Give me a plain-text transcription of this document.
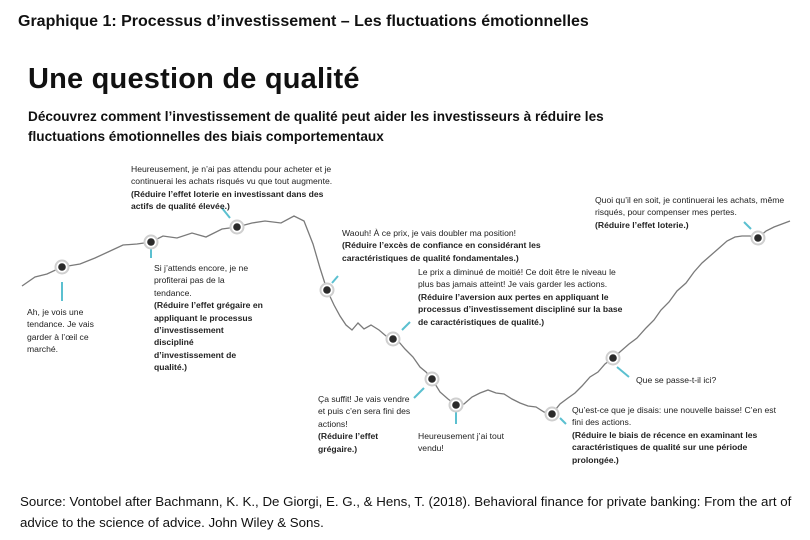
Graphique 1: Processus d’investissement – Les fluctuations émotionnelles
Une question de qualité
Découvrez comment l’investissement de qualité peut aider les investisseurs à réduire les fluctuations émotionnelles des biais comportementaux
Ah, je vois une tendance. Je vais garder à l’œil ce marché.
Si j’attends encore, je ne profiterai pas de la tendance.
(Réduire l’effet grégaire en appliquant le processus d’investissement discipliné d’investissement de qualité.)
Heureusement, je n’ai pas attendu pour acheter et je continuerai les achats risqués vu que tout augmente.
(Réduire l’effet loterie en investissant dans des actifs de qualité élevée.)
Waouh! À ce prix, je vais doubler ma position!
(Réduire l’excès de confiance en considérant les caractéristiques de qualité fondamentales.)
Le prix a diminué de moitié! Ce doit être le niveau le plus bas jamais atteint! Je vais garder les actions.
(Réduire l’aversion aux pertes en appliquant le processus d’investissement discipliné sur la base de caractéristiques de qualité.)
Ça suffit! Je vais vendre et puis c’en sera fini des actions!
(Réduire l’effet grégaire.)
Heureusement j’ai tout vendu!
Qu’est-ce que je disais: une nouvelle baisse! C’en est fini des actions.
(Réduire le biais de récence en examinant les caractéristiques de qualité sur une période prolongée.)
Que se passe-t-il ici?
Quoi qu’il en soit, je continuerai les achats, même risqués, pour compenser mes pertes.
(Réduire l’effet loterie.)
Source: Vontobel after Bachmann, K. K., De Giorgi, E. G., & Hens, T. (2018). Behavioral finance for private banking: From the art of advice to the science of advice. John Wiley & Sons.
